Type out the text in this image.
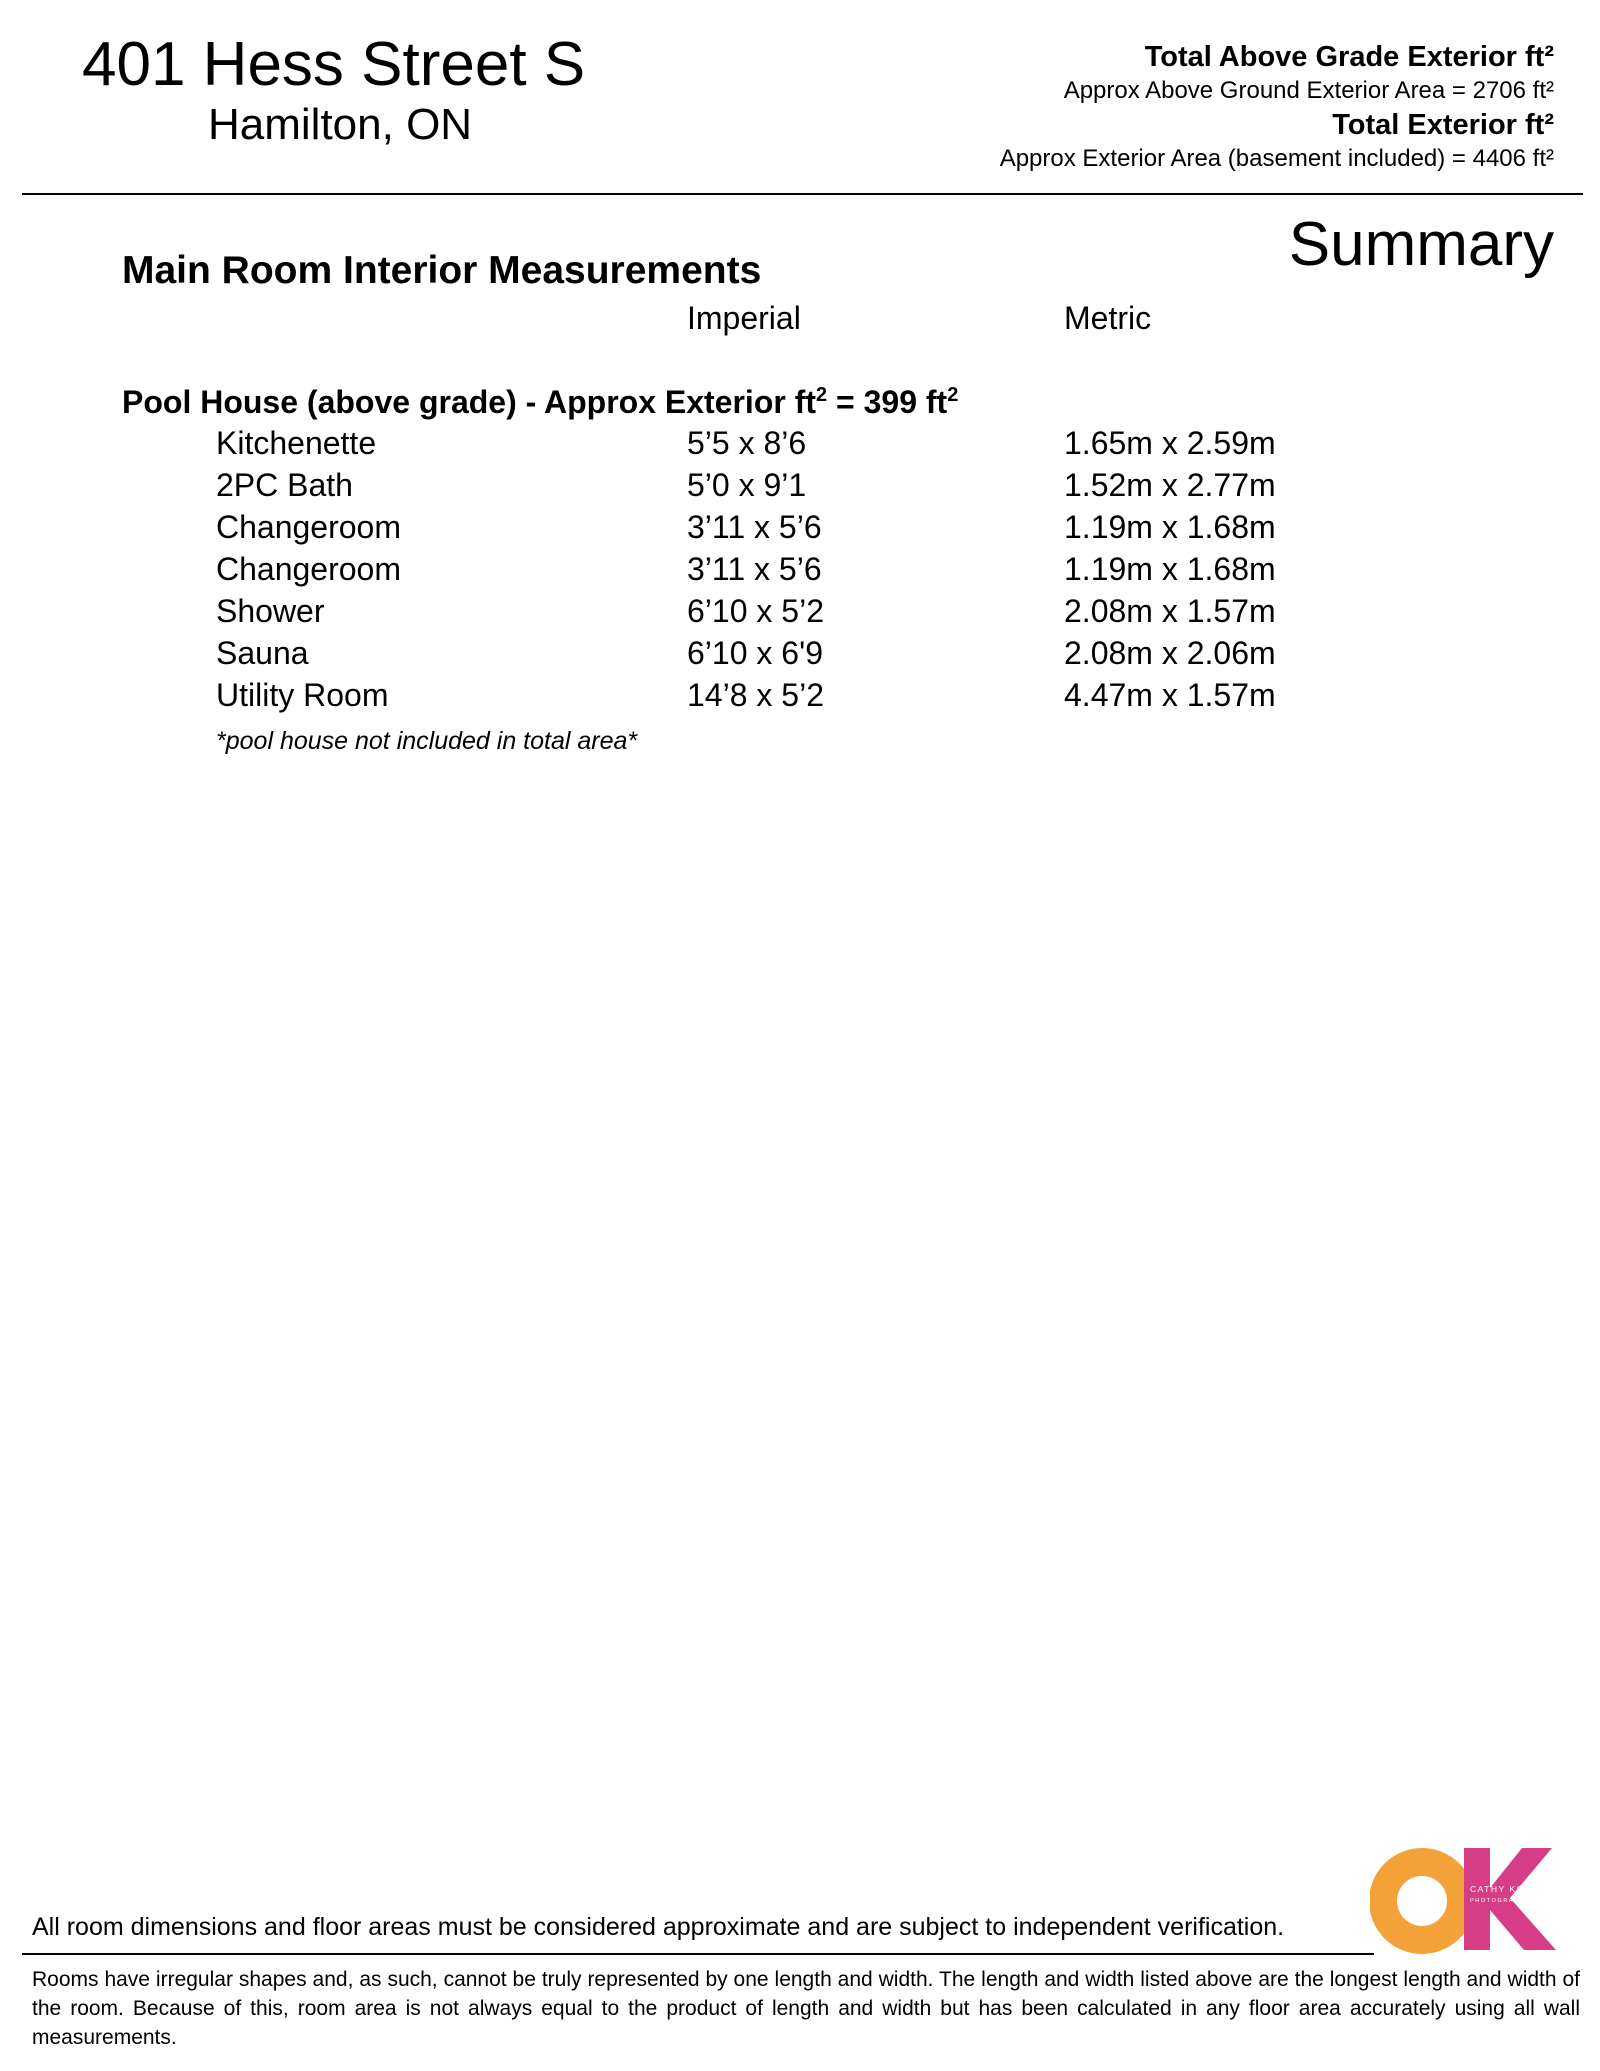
401 Hess Street S
Hamilton, ON
Total Above Grade Exterior ft²
Approx Above Ground Exterior Area = 2706 ft²
Total Exterior ft²
Approx Exterior Area (basement included) = 4406 ft²
Summary
Main Room Interior Measurements
Imperial	Metric
Pool House (above grade) - Approx Exterior $ft^2 = 399$ $ft^2$
Kitchenette	5’5 x 8’6	1.65m x 2.59m
2PC Bath	5’0 x 9’1	1.52m x 2.77m
Changeroom	3’11 x 5’6	1.19m x 1.68m
Changeroom	3’11 x 5’6	1.19m x 1.68m
Shower	6’10 x 5’2	2.08m x 1.57m
Sauna	6’10 x 6'9	2.08m x 2.06m
Utility Room	14’8 x 5’2	4.47m x 1.57m
*pool house not included in total area*
All room dimensions and floor areas must be considered approximate and are subject to independent verification.
Rooms have irregular shapes and, as such, cannot be truly represented by one length and width. The length and width listed above are the longest length and width of the room. Because of this, room area is not always equal to the product of length and width but has been calculated in any floor area accurately using all wall measurements.
CATHY KOOP
PHOTOGRAPHY
